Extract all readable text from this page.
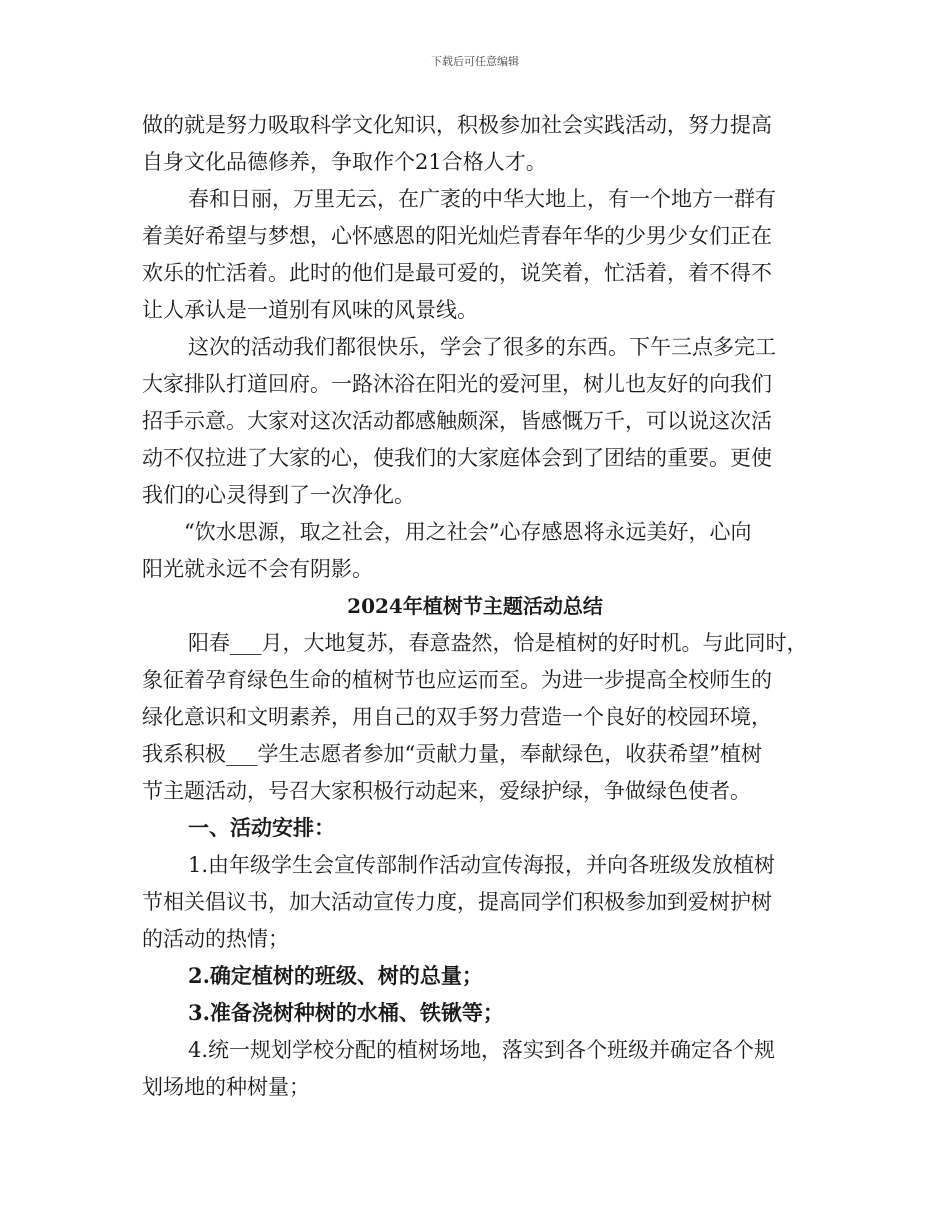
下载后可任意编辑
做的就是努力吸取科学文化知识，积极参加社会实践活动，努力提高
自身文化品德修养，争取作个21合格人才。
春和日丽，万里无云，在广袤的中华大地上，有一个地方一群有
着美好希望与梦想，心怀感恩的阳光灿烂青春年华的少男少女们正在
欢乐的忙活着。此时的他们是最可爱的，说笑着，忙活着，着不得不
让人承认是一道别有风味的风景线。
这次的活动我们都很快乐，学会了很多的东西。下午三点多完工
大家排队打道回府。一路沐浴在阳光的爱河里，树儿也友好的向我们
招手示意。大家对这次活动都感触颇深，皆感慨万千，可以说这次活
动不仅拉进了大家的心，使我们的大家庭体会到了团结的重要。更使
我们的心灵得到了一次净化。
“饮水思源，取之社会，用之社会”心存感恩将永远美好，心向
阳光就永远不会有阴影。
2024年植树节主题活动总结
阳春___月，大地复苏，春意盎然，恰是植树的好时机。与此同时，
象征着孕育绿色生命的植树节也应运而至。为进一步提高全校师生的
绿化意识和文明素养，用自己的双手努力营造一个良好的校园环境，
我系积极___学生志愿者参加“贡献力量，奉献绿色，收获希望”植树
节主题活动，号召大家积极行动起来，爱绿护绿，争做绿色使者。
一、活动安排：
1.由年级学生会宣传部制作活动宣传海报，并向各班级发放植树
节相关倡议书，加大活动宣传力度，提高同学们积极参加到爱树护树
的活动的热情；
2.确定植树的班级、树的总量；
3.准备浇树种树的水桶、铁锹等；
4.统一规划学校分配的植树场地，落实到各个班级并确定各个规
划场地的种树量；
